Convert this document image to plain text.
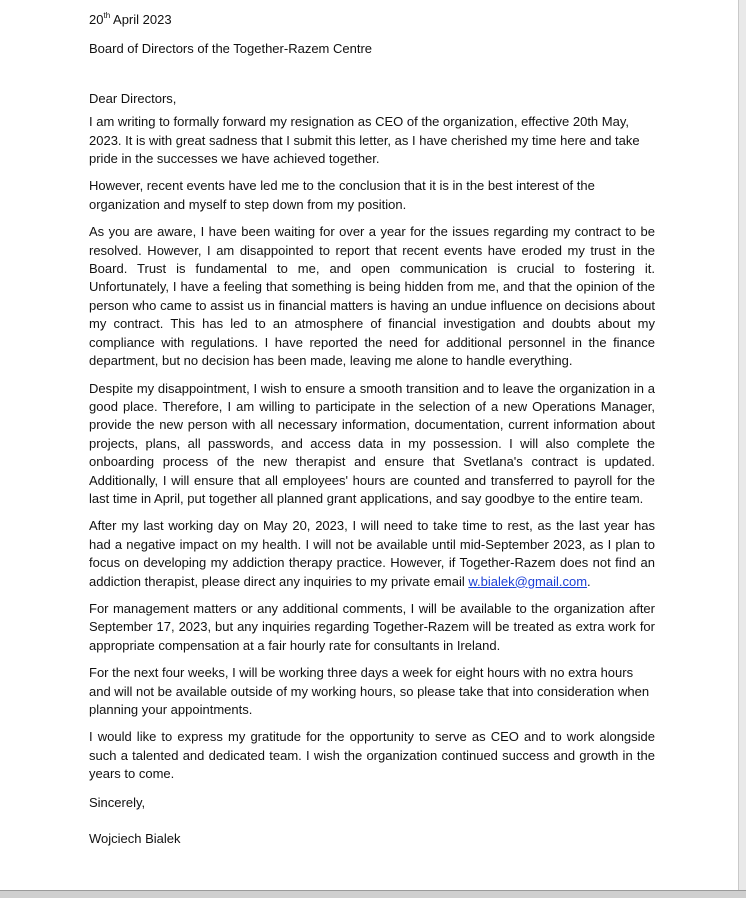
20th April 2023
Board of Directors of the Together-Razem Centre
Dear Directors,

I am writing to formally forward my resignation as CEO of the organization, effective 20th May, 2023. It is with great sadness that I submit this letter, as I have cherished my time here and take pride in the successes we have achieved together.

However, recent events have led me to the conclusion that it is in the best interest of the organization and myself to step down from my position.

As you are aware, I have been waiting for over a year for the issues regarding my contract to be resolved. However, I am disappointed to report that recent events have eroded my trust in the Board. Trust is fundamental to me, and open communication is crucial to fostering it. Unfortunately, I have a feeling that something is being hidden from me, and that the opinion of the person who came to assist us in financial matters is having an undue influence on decisions about my contract. This has led to an atmosphere of financial investigation and doubts about my compliance with regulations. I have reported the need for additional personnel in the finance department, but no decision has been made, leaving me alone to handle everything.

Despite my disappointment, I wish to ensure a smooth transition and to leave the organization in a good place. Therefore, I am willing to participate in the selection of a new Operations Manager, provide the new person with all necessary information, documentation, current information about projects, plans, all passwords, and access data in my possession. I will also complete the onboarding process of the new therapist and ensure that Svetlana's contract is updated. Additionally, I will ensure that all employees' hours are counted and transferred to payroll for the last time in April, put together all planned grant applications, and say goodbye to the entire team.

After my last working day on May 20, 2023, I will need to take time to rest, as the last year has had a negative impact on my health. I will not be available until mid-September 2023, as I plan to focus on developing my addiction therapy practice. However, if Together-Razem does not find an addiction therapist, please direct any inquiries to my private email w.bialek@gmail.com.

For management matters or any additional comments, I will be available to the organization after September 17, 2023, but any inquiries regarding Together-Razem will be treated as extra work for appropriate compensation at a fair hourly rate for consultants in Ireland.

For the next four weeks, I will be working three days a week for eight hours with no extra hours and will not be available outside of my working hours, so please take that into consideration when planning your appointments.

I would like to express my gratitude for the opportunity to serve as CEO and to work alongside such a talented and dedicated team. I wish the organization continued success and growth in the years to come.

Sincerely,
Wojciech Bialek
